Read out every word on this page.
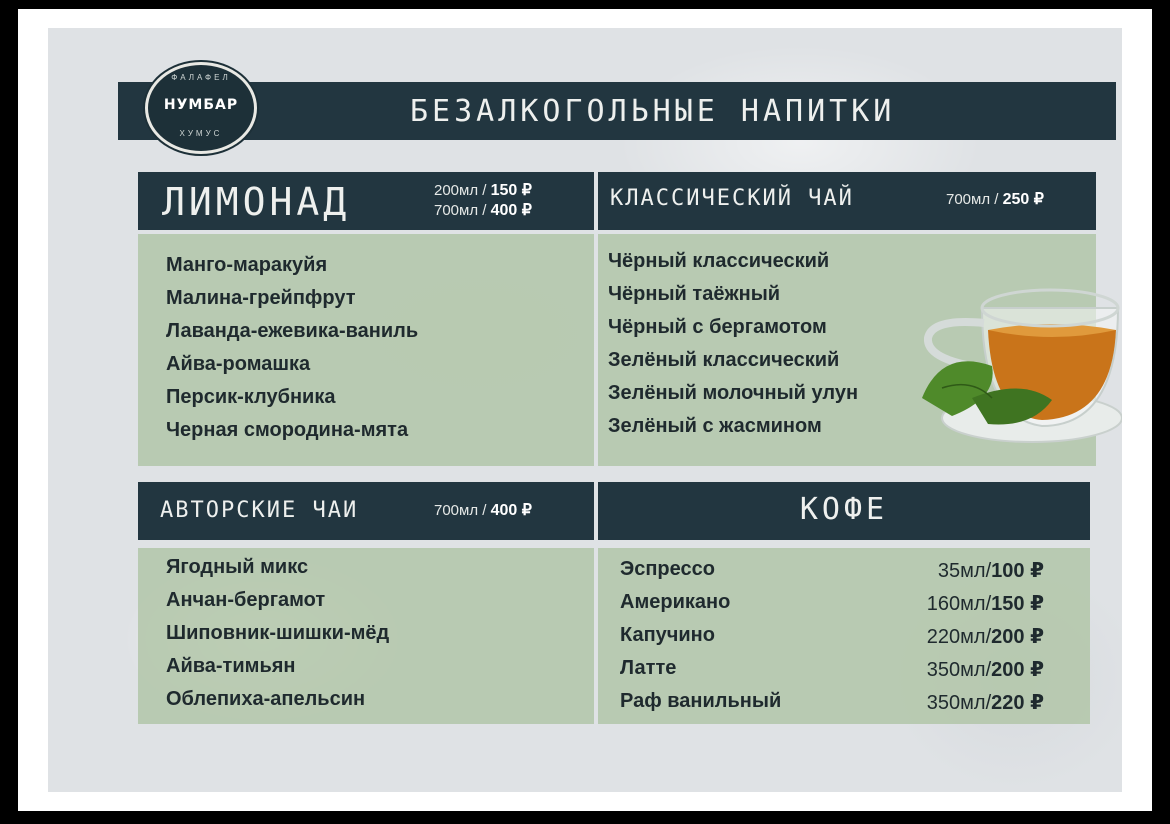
БЕЗАЛКОГОЛЬНЫЕ НАПИТКИ
ФАЛАФЕЛ
НУМБАР
ХУМУС
ЛИМОНАД	200мл / 150 ₽
700мл / 400 ₽
Манго-маракуйя
Малина-грейпфрут
Лаванда-ежевика-ваниль
Айва-ромашка
Персик-клубника
Черная смородина-мята
КЛАССИЧЕСКИЙ ЧАЙ	700мл / 250 ₽
Чёрный классический
Чёрный таёжный
Чёрный с бергамотом
Зелёный классический
Зелёный молочный улун
Зелёный с жасмином
АВТОРСКИЕ ЧАИ	700мл / 400 ₽
Ягодный микс
Анчан-бергамот
Шиповник-шишки-мёд
Айва-тимьян
Облепиха-апельсин
КОФЕ
Эспрессо	35мл/100 ₽
Американо	160мл/150 ₽
Капучино	220мл/200 ₽
Латте	350мл/200 ₽
Раф ванильный	350мл/220 ₽
